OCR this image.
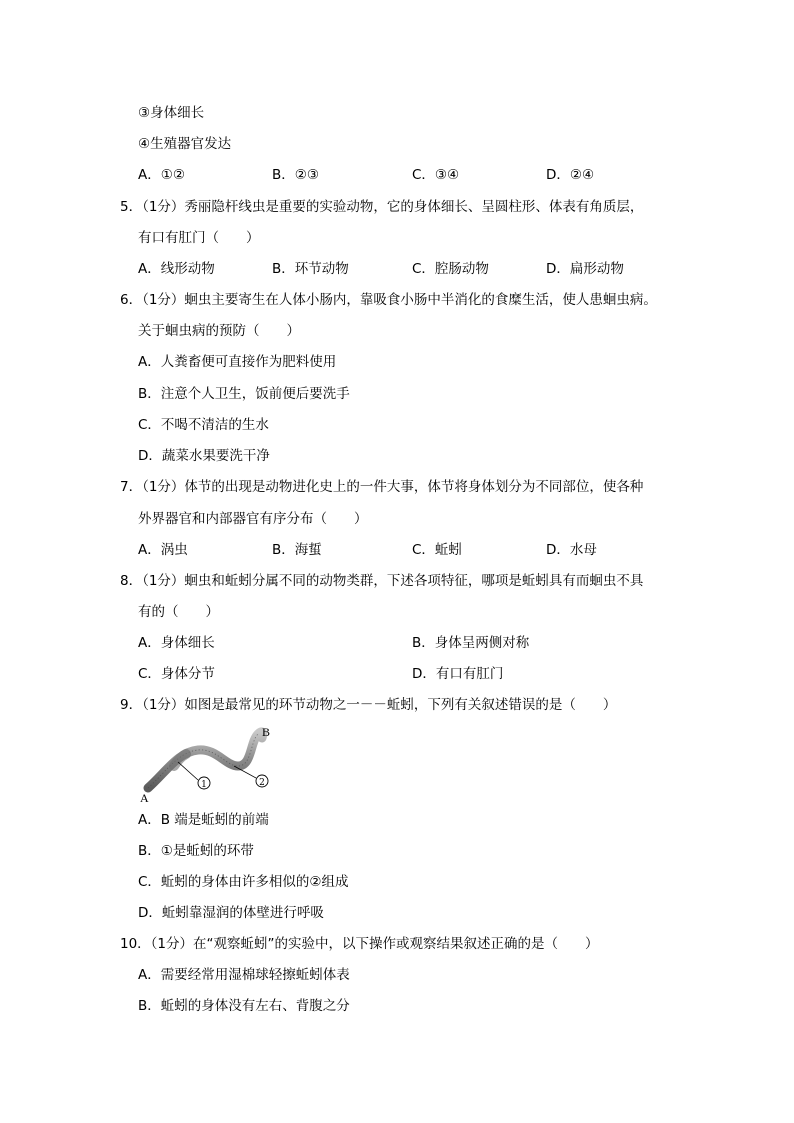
③身体细长
④生殖器官发达
A．①②	B．②③	C．③④	D．②④
5．（1分）秀丽隐杆线虫是重要的实验动物，它的身体细长、呈圆柱形、体表有角质层，
有口有肛门（　　）
A．线形动物	B．环节动物	C．腔肠动物	D．扁形动物
6．（1分）蛔虫主要寄生在人体小肠内，靠吸食小肠中半消化的食糜生活，使人患蛔虫病。
关于蛔虫病的预防（　　）
A．人粪畜便可直接作为肥料使用
B．注意个人卫生，饭前便后要洗手
C．不喝不清洁的生水
D．蔬菜水果要洗干净
7．（1分）体节的出现是动物进化史上的一件大事，体节将身体划分为不同部位，使各种
外界器官和内部器官有序分布（　　）
A．涡虫	B．海蜇	C．蚯蚓	D．水母
8．（1分）蛔虫和蚯蚓分属不同的动物类群，下述各项特征，哪项是蚯蚓具有而蛔虫不具
有的（　　）
A．身体细长	B．身体呈两侧对称
C．身体分节	D．有口有肛门
9．（1分）如图是最常见的环节动物之一－－蚯蚓，下列有关叙述错误的是（　　）
1	2
A
B
A．B 端是蚯蚓的前端
B．①是蚯蚓的环带
C．蚯蚓的身体由许多相似的②组成
D．蚯蚓靠湿润的体壁进行呼吸
10．（1分）在“观察蚯蚓”的实验中，以下操作或观察结果叙述正确的是（　　）
A．需要经常用湿棉球轻擦蚯蚓体表
B．蚯蚓的身体没有左右、背腹之分
